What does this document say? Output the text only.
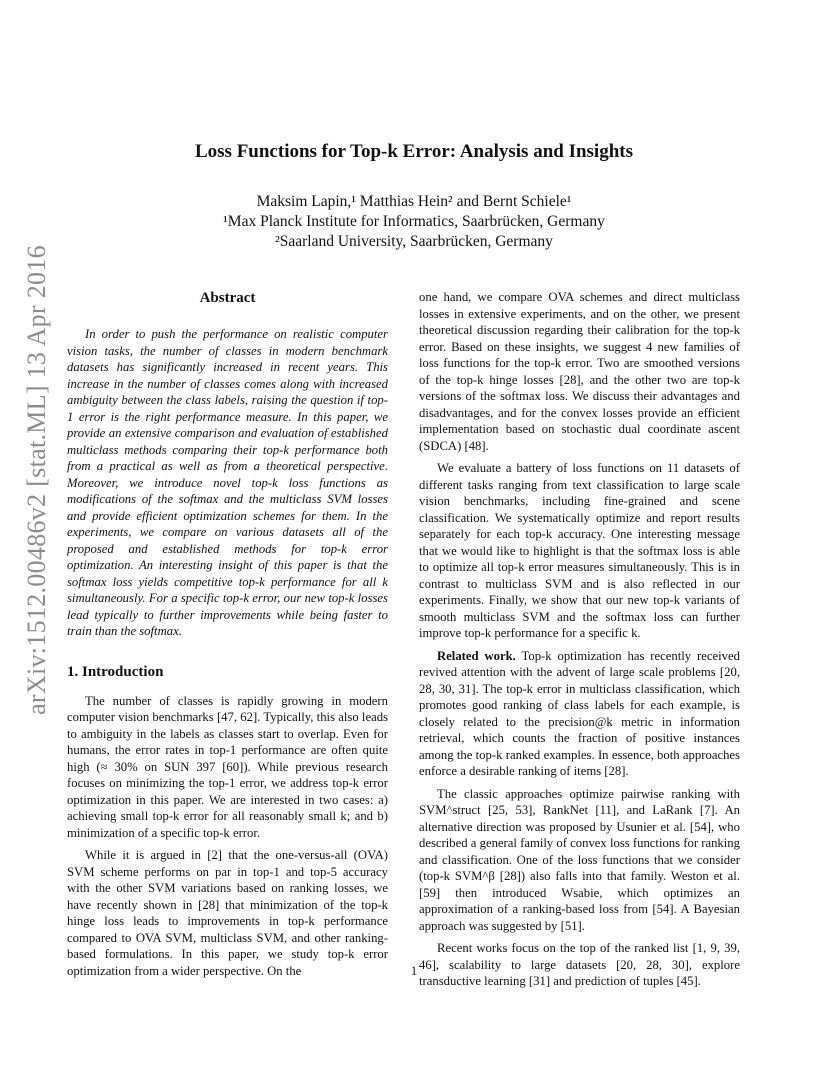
arXiv:1512.00486v2 [stat.ML] 13 Apr 2016
Loss Functions for Top-k Error: Analysis and Insights
Maksim Lapin,¹ Matthias Hein² and Bernt Schiele¹
¹Max Planck Institute for Informatics, Saarbrücken, Germany
²Saarland University, Saarbrücken, Germany
Abstract

In order to push the performance on realistic computer vision tasks, the number of classes in modern benchmark datasets has significantly increased in recent years. This increase in the number of classes comes along with increased ambiguity between the class labels, raising the question if top-1 error is the right performance measure. In this paper, we provide an extensive comparison and evaluation of established multiclass methods comparing their top-k performance both from a practical as well as from a theoretical perspective. Moreover, we introduce novel top-k loss functions as modifications of the softmax and the multiclass SVM losses and provide efficient optimization schemes for them. In the experiments, we compare on various datasets all of the proposed and established methods for top-k error optimization. An interesting insight of this paper is that the softmax loss yields competitive top-k performance for all k simultaneously. For a specific top-k error, our new top-k losses lead typically to further improvements while being faster to train than the softmax.

1. Introduction

The number of classes is rapidly growing in modern computer vision benchmarks [47, 62]. Typically, this also leads to ambiguity in the labels as classes start to overlap. Even for humans, the error rates in top-1 performance are often quite high (≈ 30% on SUN 397 [60]). While previous research focuses on minimizing the top-1 error, we address top-k error optimization in this paper. We are interested in two cases: a) achieving small top-k error for all reasonably small k; and b) minimization of a specific top-k error.

While it is argued in [2] that the one-versus-all (OVA) SVM scheme performs on par in top-1 and top-5 accuracy with the other SVM variations based on ranking losses, we have recently shown in [28] that minimization of the top-k hinge loss leads to improvements in top-k performance compared to OVA SVM, multiclass SVM, and other ranking-based formulations. In this paper, we study top-k error optimization from a wider perspective. On the

one hand, we compare OVA schemes and direct multiclass losses in extensive experiments, and on the other, we present theoretical discussion regarding their calibration for the top-k error. Based on these insights, we suggest 4 new families of loss functions for the top-k error. Two are smoothed versions of the top-k hinge losses [28], and the other two are top-k versions of the softmax loss. We discuss their advantages and disadvantages, and for the convex losses provide an efficient implementation based on stochastic dual coordinate ascent (SDCA) [48].

We evaluate a battery of loss functions on 11 datasets of different tasks ranging from text classification to large scale vision benchmarks, including fine-grained and scene classification. We systematically optimize and report results separately for each top-k accuracy. One interesting message that we would like to highlight is that the softmax loss is able to optimize all top-k error measures simultaneously. This is in contrast to multiclass SVM and is also reflected in our experiments. Finally, we show that our new top-k variants of smooth multiclass SVM and the softmax loss can further improve top-k performance for a specific k.

Related work. Top-k optimization has recently received revived attention with the advent of large scale problems [20, 28, 30, 31]. The top-k error in multiclass classification, which promotes good ranking of class labels for each example, is closely related to the precision@k metric in information retrieval, which counts the fraction of positive instances among the top-k ranked examples. In essence, both approaches enforce a desirable ranking of items [28].

The classic approaches optimize pairwise ranking with SVM^struct [25, 53], RankNet [11], and LaRank [7]. An alternative direction was proposed by Usunier et al. [54], who described a general family of convex loss functions for ranking and classification. One of the loss functions that we consider (top-k SVM^β [28]) also falls into that family. Weston et al. [59] then introduced Wsabie, which optimizes an approximation of a ranking-based loss from [54]. A Bayesian approach was suggested by [51].

Recent works focus on the top of the ranked list [1, 9, 39, 46], scalability to large datasets [20, 28, 30], explore transductive learning [31] and prediction of tuples [45].

1
